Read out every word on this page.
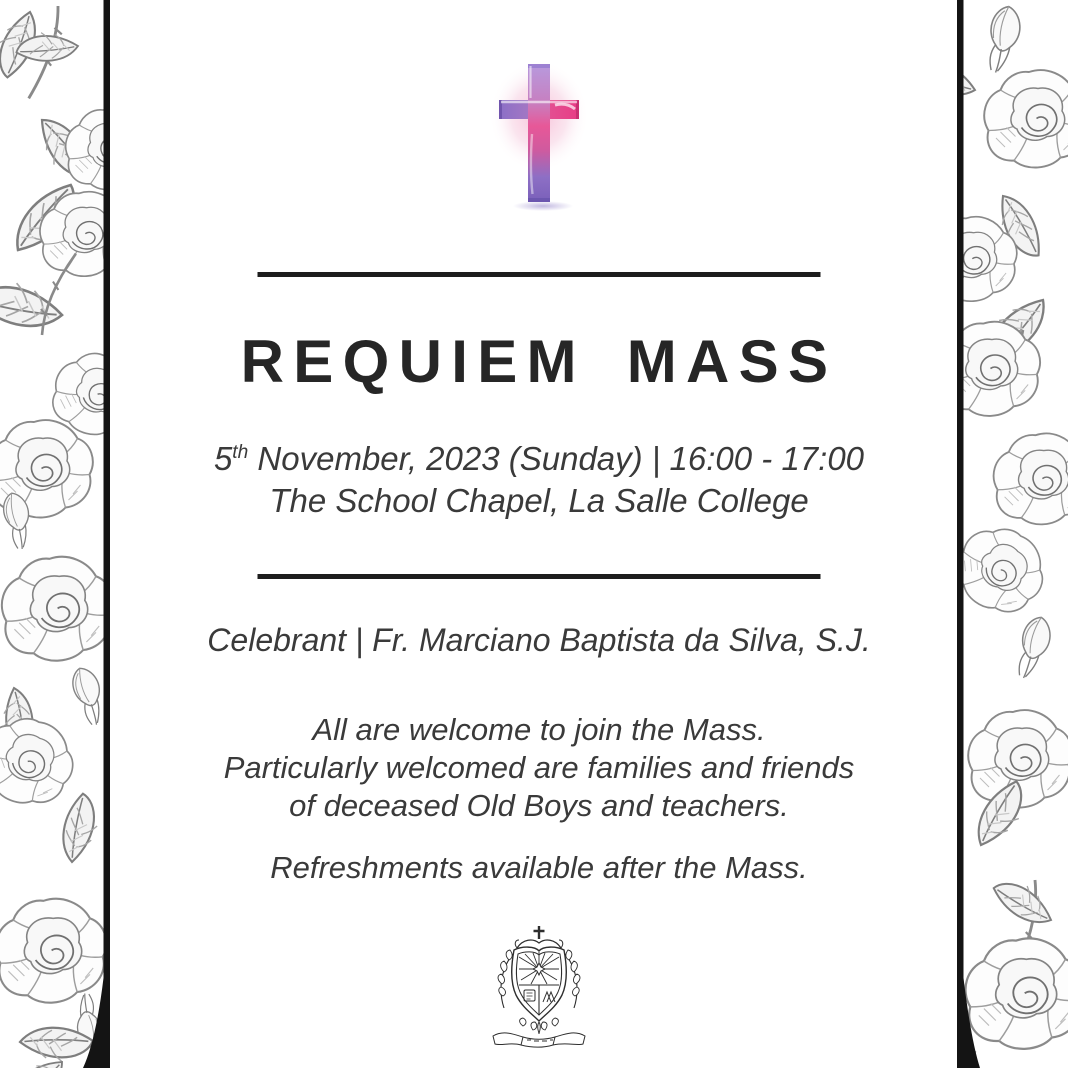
REQUIEM MASS
5th November, 2023 (Sunday) | 16:00 - 17:00
The School Chapel, La Salle College
Celebrant | Fr. Marciano Baptista da Silva, S.J.
All are welcome to join the Mass.
Particularly welcomed are families and friends
of deceased Old Boys and teachers.
Refreshments available after the Mass.
